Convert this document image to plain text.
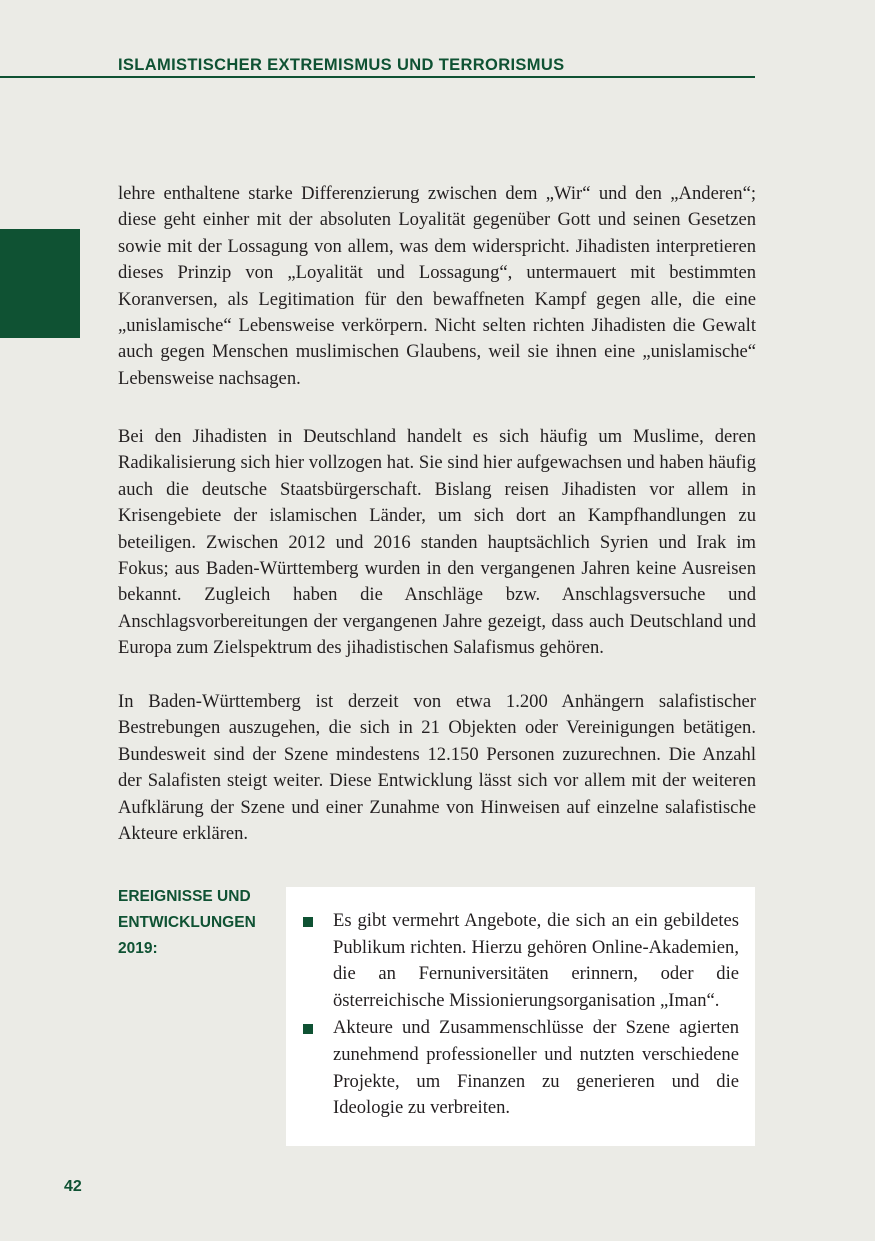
ISLAMISTISCHER EXTREMISMUS UND TERRORISMUS

lehre enthaltene starke Differenzierung zwischen dem „Wir“ und den „Anderen“; diese geht einher mit der absoluten Loyalität gegenüber Gott und seinen Gesetzen sowie mit der Lossagung von allem, was dem widerspricht. Jihadisten interpretieren dieses Prinzip von „Loyalität und Lossagung“, untermauert mit bestimmten Koranversen, als Legitimation für den bewaffneten Kampf gegen alle, die eine „unislamische“ Lebensweise verkörpern. Nicht selten richten Jihadisten die Gewalt auch gegen Menschen muslimischen Glaubens, weil sie ihnen eine „unislamische“ Lebensweise nachsagen.

Bei den Jihadisten in Deutschland handelt es sich häufig um Muslime, deren Radikalisierung sich hier vollzogen hat. Sie sind hier aufgewachsen und haben häufig auch die deutsche Staatsbürgerschaft. Bislang reisen Jihadisten vor allem in Krisengebiete der islamischen Länder, um sich dort an Kampfhandlungen zu beteiligen. Zwischen 2012 und 2016 standen hauptsächlich Syrien und Irak im Fokus; aus Baden-Württemberg wurden in den vergangenen Jahren keine Ausreisen bekannt. Zugleich haben die Anschläge bzw. Anschlagsversuche und Anschlagsvorbereitungen der vergangenen Jahre gezeigt, dass auch Deutschland und Europa zum Zielspektrum des jihadistischen Salafismus gehören.

In Baden-Württemberg ist derzeit von etwa 1.200 Anhängern salafistischer Bestrebungen auszugehen, die sich in 21 Objekten oder Vereinigungen betätigen. Bundesweit sind der Szene mindestens 12.150 Personen zuzurechnen. Die Anzahl der Salafisten steigt weiter. Diese Entwicklung lässt sich vor allem mit der weiteren Aufklärung der Szene und einer Zunahme von Hinweisen auf einzelne salafistische Akteure erklären.

EREIGNISSE UND
ENTWICKLUNGEN
2019:
Es gibt vermehrt Angebote, die sich an ein gebildetes Publikum richten. Hierzu gehören Online-Akademien, die an Fernuniversitäten erinnern, oder die österreichische Missionierungsorganisation „Iman“.
Akteure und Zusammenschlüsse der Szene agierten zunehmend professioneller und nutzten verschiedene Projekte, um Finanzen zu generieren und die Ideologie zu verbreiten.
42
